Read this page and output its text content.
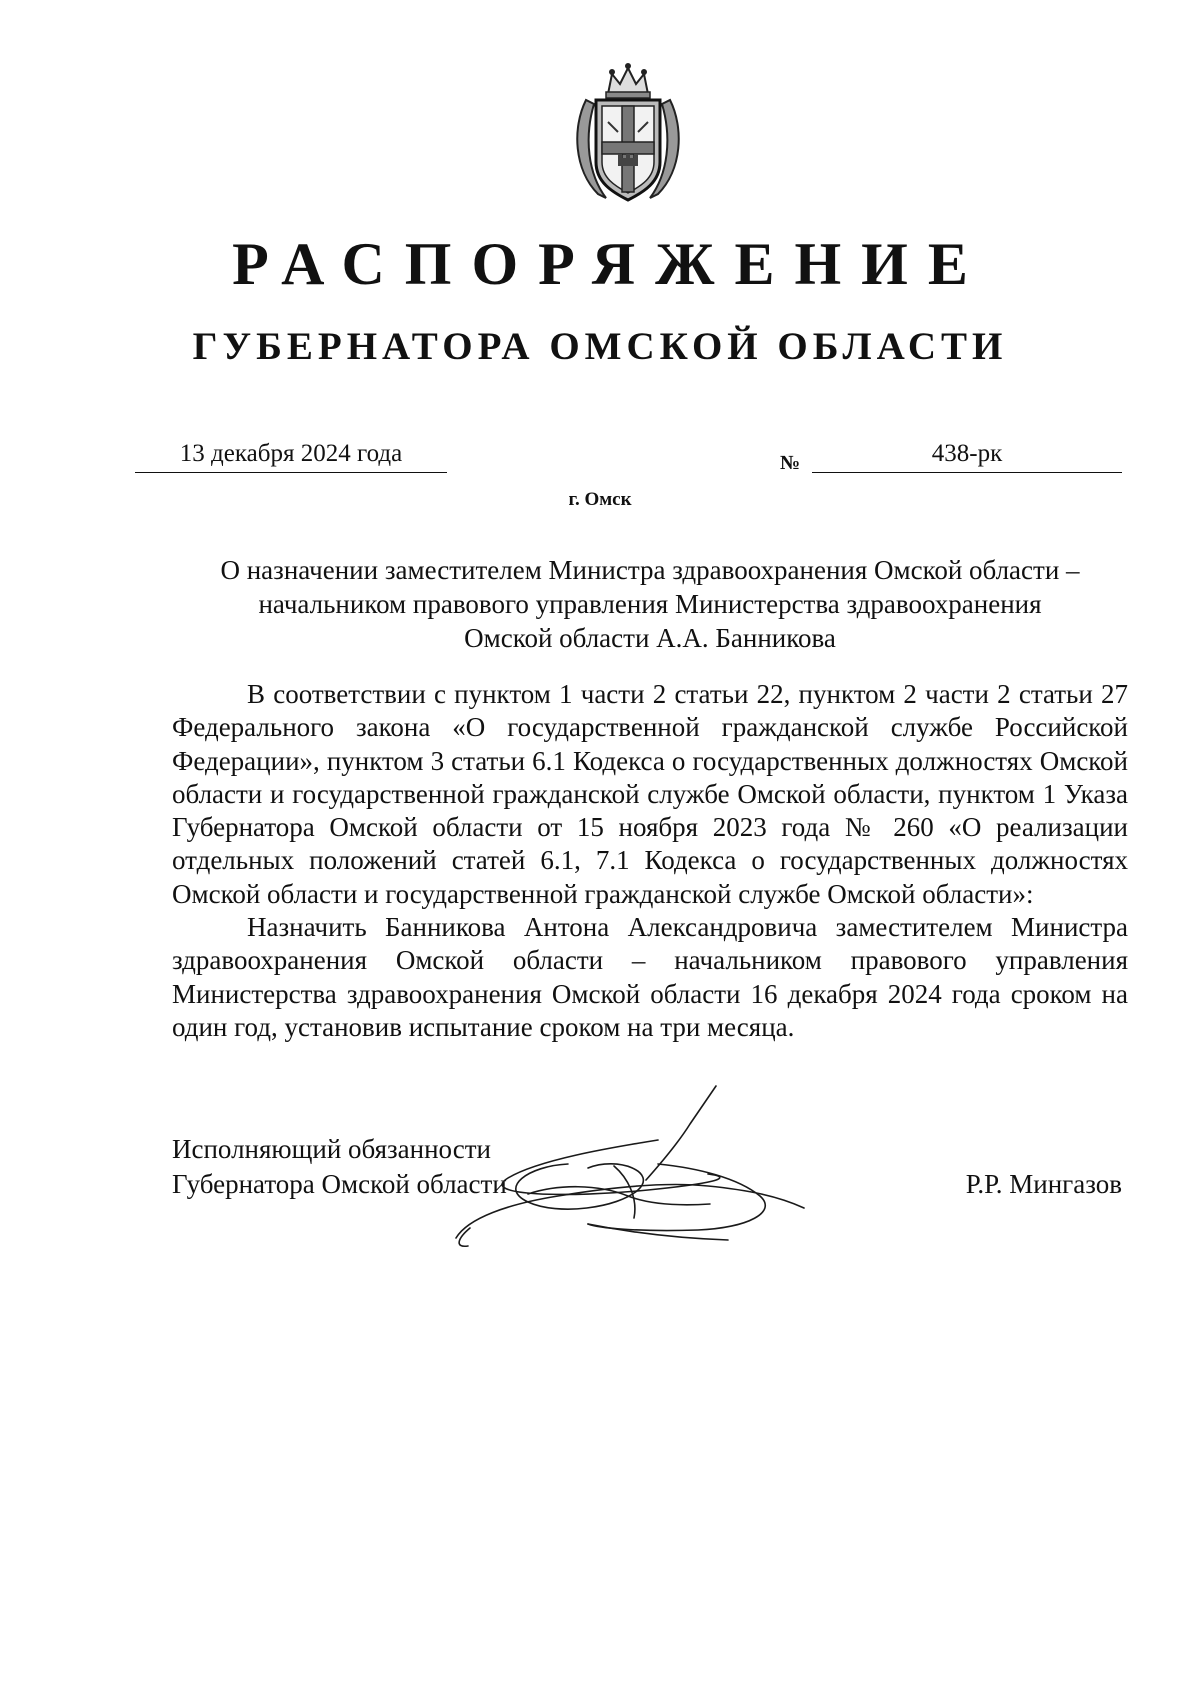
РАСПОРЯЖЕНИЕ
ГУБЕРНАТОРА ОМСКОЙ ОБЛАСТИ
13 декабря 2024 года	№	438-рк
г. Омск
О назначении заместителем Министра здравоохранения Омской области –
начальником правового управления Министерства здравоохранения
Омской области А.А. Банникова

В соответствии с пунктом 1 части 2 статьи 22, пунктом 2 части 2 статьи 27 Федерального закона «О государственной гражданской службе Российской Федерации», пунктом 3 статьи 6.1 Кодекса о государственных должностях Омской области и государственной гражданской службе Омской области, пунктом 1 Указа Губернатора Омской области от 15 ноября 2023 года № 260 «О реализации отдельных положений статей 6.1, 7.1 Кодекса о государственных должностях Омской области и государственной гражданской службе Омской области»:

Назначить Банникова Антона Александровича заместителем Министра здравоохранения Омской области – начальником правового управления Министерства здравоохранения Омской области 16 декабря 2024 года сроком на один год, установив испытание сроком на три месяца.

Исполняющий обязанности
Губернатора Омской области	Р.Р. Мингазов
